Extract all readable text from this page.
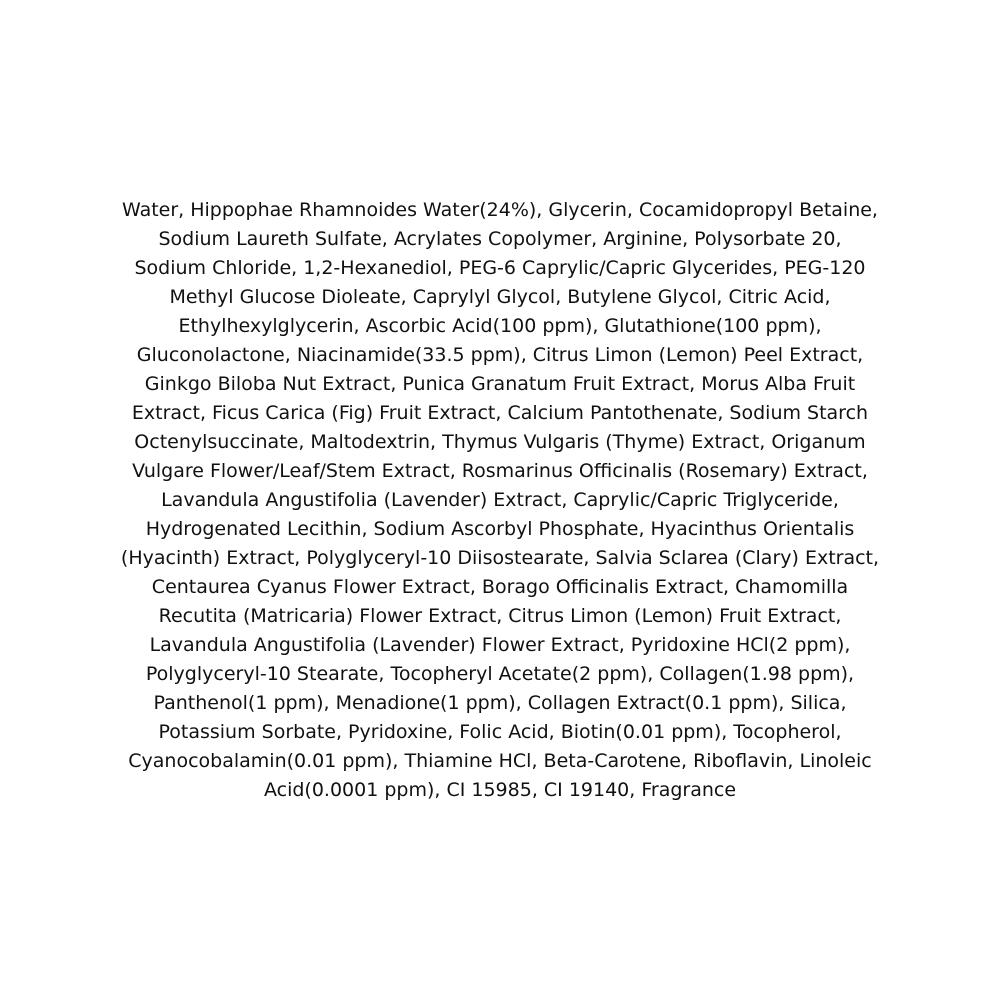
Water, Hippophae Rhamnoides Water(24%), Glycerin, Cocamidopropyl Betaine,
Sodium Laureth Sulfate, Acrylates Copolymer, Arginine, Polysorbate 20,
Sodium Chloride, 1,2-Hexanediol, PEG-6 Caprylic/Capric Glycerides, PEG-120
Methyl Glucose Dioleate, Caprylyl Glycol, Butylene Glycol, Citric Acid,
Ethylhexylglycerin, Ascorbic Acid(100 ppm), Glutathione(100 ppm),
Gluconolactone, Niacinamide(33.5 ppm), Citrus Limon (Lemon) Peel Extract,
Ginkgo Biloba Nut Extract, Punica Granatum Fruit Extract, Morus Alba Fruit
Extract, Ficus Carica (Fig) Fruit Extract, Calcium Pantothenate, Sodium Starch
Octenylsuccinate, Maltodextrin, Thymus Vulgaris (Thyme) Extract, Origanum
Vulgare Flower/Leaf/Stem Extract, Rosmarinus Officinalis (Rosemary) Extract,
Lavandula Angustifolia (Lavender) Extract, Caprylic/Capric Triglyceride,
Hydrogenated Lecithin, Sodium Ascorbyl Phosphate, Hyacinthus Orientalis
(Hyacinth) Extract, Polyglyceryl-10 Diisostearate, Salvia Sclarea (Clary) Extract,
Centaurea Cyanus Flower Extract, Borago Officinalis Extract, Chamomilla
Recutita (Matricaria) Flower Extract, Citrus Limon (Lemon) Fruit Extract,
Lavandula Angustifolia (Lavender) Flower Extract, Pyridoxine HCl(2 ppm),
Polyglyceryl-10 Stearate, Tocopheryl Acetate(2 ppm), Collagen(1.98 ppm),
Panthenol(1 ppm), Menadione(1 ppm), Collagen Extract(0.1 ppm), Silica,
Potassium Sorbate, Pyridoxine, Folic Acid, Biotin(0.01 ppm), Tocopherol,
Cyanocobalamin(0.01 ppm), Thiamine HCl, Beta-Carotene, Riboflavin, Linoleic
Acid(0.0001 ppm), CI 15985, CI 19140, Fragrance
